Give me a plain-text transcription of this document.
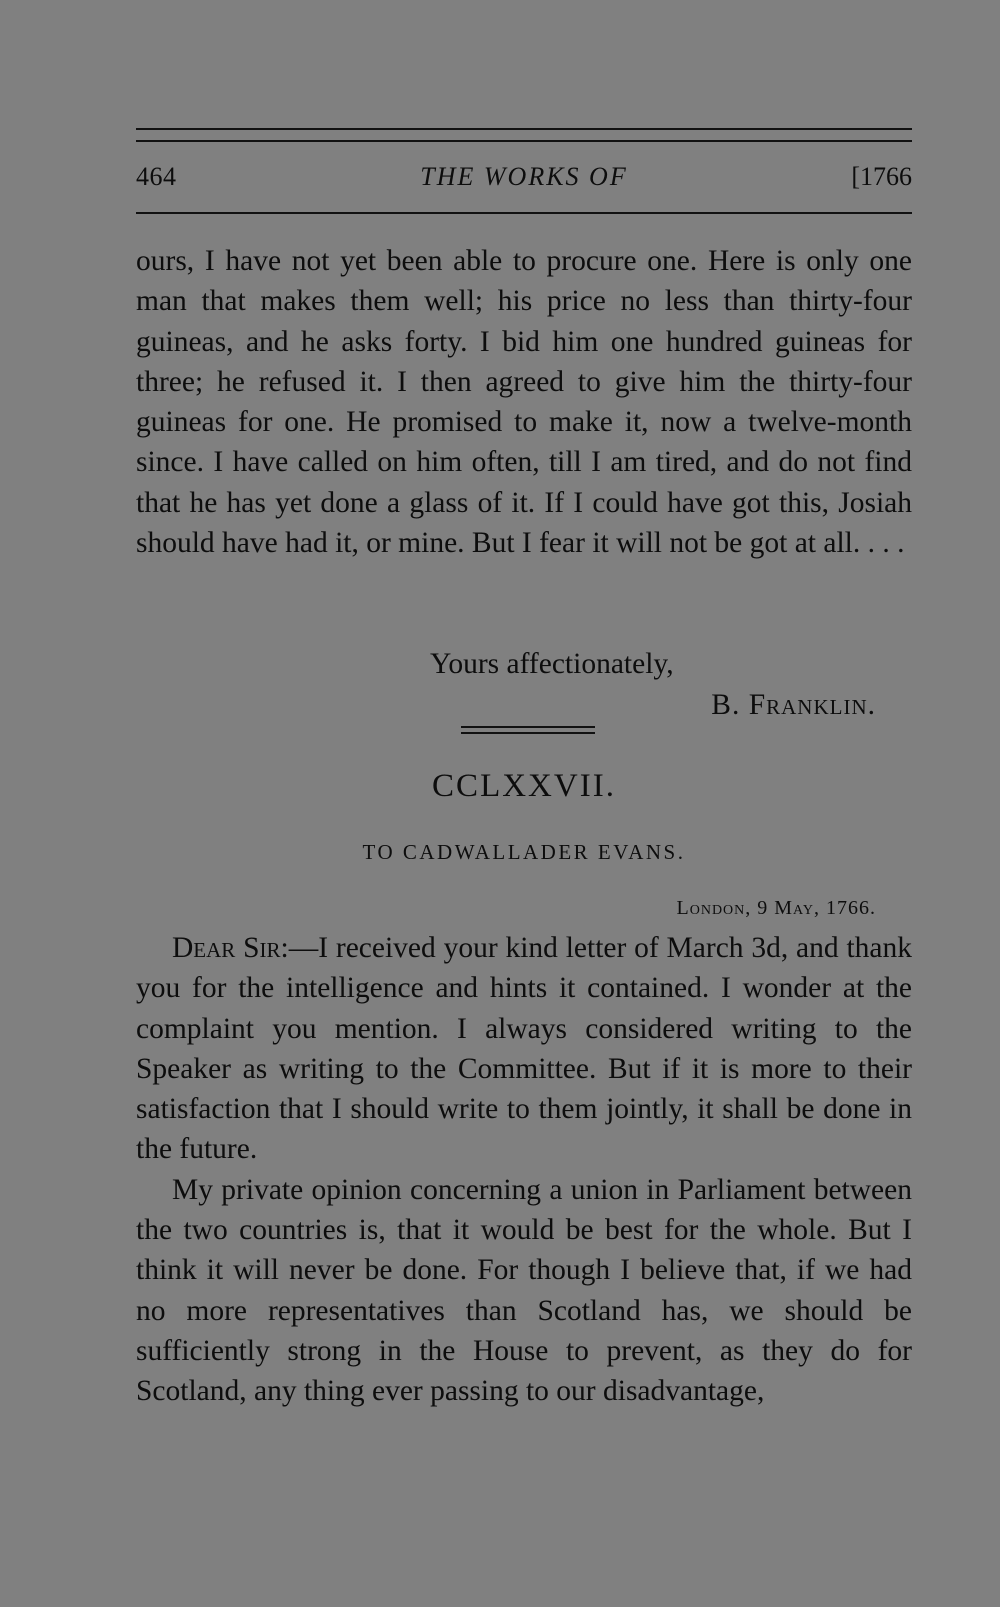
464	THE WORKS OF	[1766

ours, I have not yet been able to procure one. Here is only one man that makes them well; his price no less than thirty-four guineas, and he asks forty. I bid him one hundred guineas for three; he refused it. I then agreed to give him the thirty-four guineas for one. He promised to make it, now a twelve-month since. I have called on him often, till I am tired, and do not find that he has yet done a glass of it. If I could have got this, Josiah should have had it, or mine. But I fear it will not be got at all. . . .

Yours affectionately,
B. Franklin.
CCLXXVII.
TO CADWALLADER EVANS.
London, 9 May, 1766.

Dear Sir:—I received your kind letter of March 3d, and thank you for the intelligence and hints it contained. I wonder at the complaint you mention. I always considered writing to the Speaker as writing to the Committee. But if it is more to their satisfaction that I should write to them jointly, it shall be done in the future.

My private opinion concerning a union in Parliament between the two countries is, that it would be best for the whole. But I think it will never be done. For though I believe that, if we had no more representatives than Scotland has, we should be sufficiently strong in the House to prevent, as they do for Scotland, any thing ever passing to our disadvantage,
